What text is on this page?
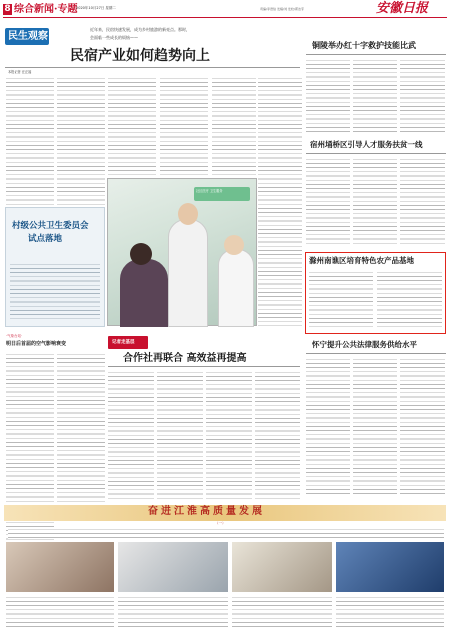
8 综合新闻·专题
2020年10月27日 星期二	责编/李语信 发稿/刘 发校/郭洁芽	安徽日报
民生观察
近年来，民宿快速发展，成为乡村旅游的新亮点。那时，
会面临一些成长的烦恼——
民宿产业如何趋势向上
本报记者 汪正福
社区医疗 卫生服务
村级公共卫生委员会
试点落地
·气象台站·
明日后首届的空气影响衰变	记者走基层
合作社再联合 高效益再提高
铜陵举办红十字救护技能比武
宿州埇桥区引导人才服务扶贫一线
滁州南谯区培育特色农产品基地
怀宁提升公共法律服务供给水平
奋进江淮高质量发展
（一）
